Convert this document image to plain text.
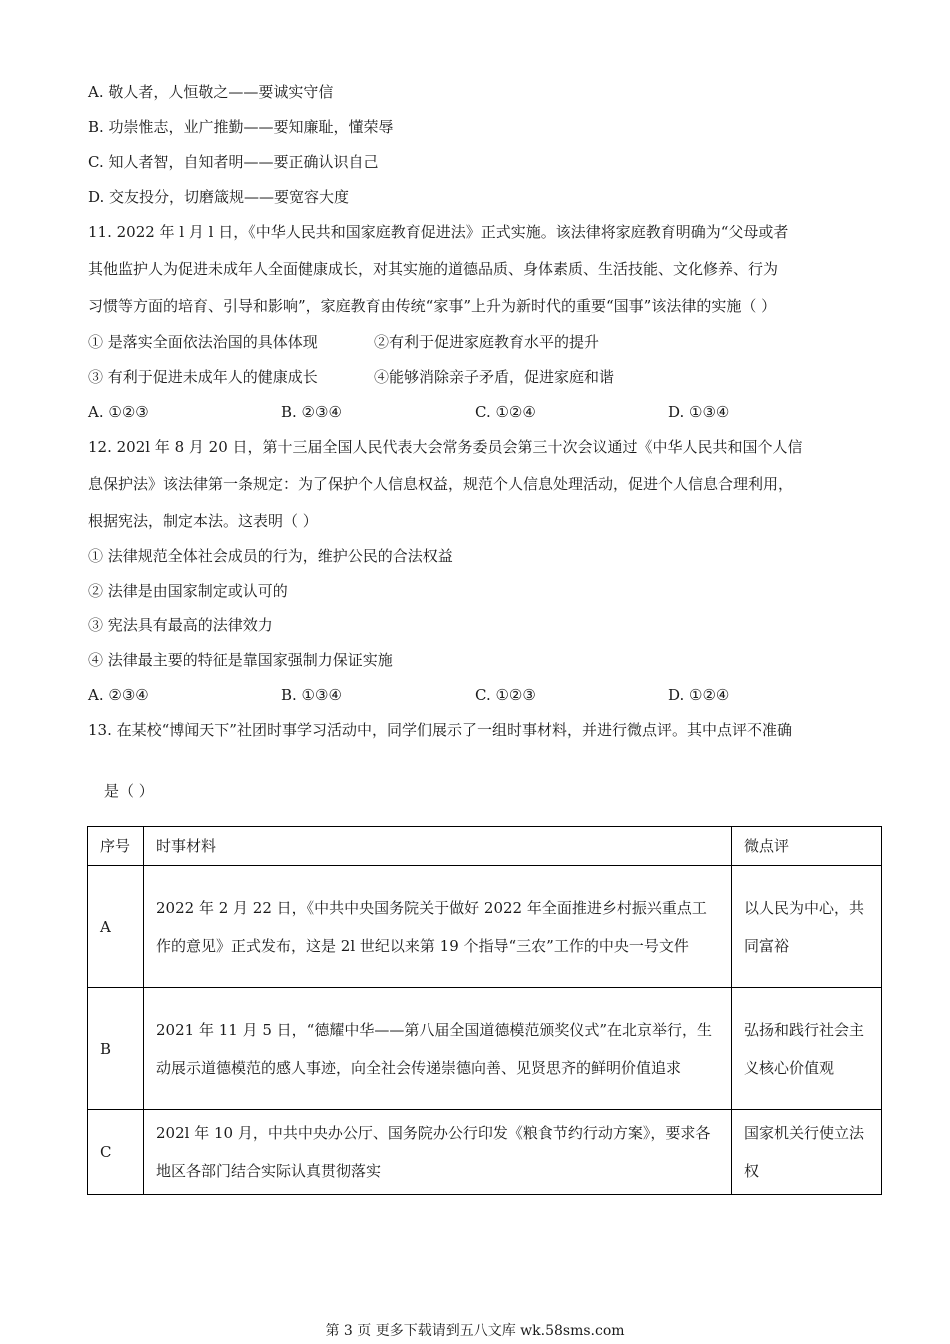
A. 敬人者，人恒敬之——要诚实守信
B. 功崇惟志，业广推勤——要知廉耻，懂荣辱
C. 知人者智，自知者明——要正确认识自己
D. 交友投分，切磨箴规——要宽容大度
11. 2022 年 l 月 l 日，《中华人民共和国家庭教育促进法》正式实施。该法律将家庭教育明确为“父母或者
其他监护人为促进未成年人全面健康成长，对其实施的道德品质、身体素质、生活技能、文化修养、行为
习惯等方面的培育、引导和影响”，家庭教育由传统“家事”上升为新时代的重要“国事”该法律的实施（ ）
① 是落实全面依法治国的具体体现	②有利于促进家庭教育水平的提升
③ 有利于促进未成年人的健康成长	④能够消除亲子矛盾，促进家庭和谐
A. ①②③	B. ②③④	C. ①②④	D. ①③④
12. 202l 年 8 月 20 日，第十三届全国人民代表大会常务委员会第三十次会议通过《中华人民共和国个人信
息保护法》该法律第一条规定：为了保护个人信息权益，规范个人信息处理活动，促进个人信息合理利用，
根据宪法，制定本法。这表明（ ）
① 法律规范全体社会成员的行为，维护公民的合法权益
② 法律是由国家制定或认可的
③ 宪法具有最高的法律效力
④ 法律最主要的特征是靠国家强制力保证实施
A. ②③④	B. ①③④	C. ①②③	D. ①②④
13. 在某校“博闻天下”社团时事学习活动中，同学们展示了一组时事材料，并进行微点评。其中点评不准确
是（ ）
序号	时事材料	微点评
A	2022 年 2 月 22 日，《中共中央国务院关于做好 2022 年全面推进乡村振兴重点工作的意见》正式发布，这是 2l 世纪以来第 19 个指导“三农”工作的中央一号文件	以人民为中心，共同富裕
B	2021 年 11 月 5 日，“德耀中华——第八届全国道德模范颁奖仪式”在北京举行，生动展示道德模范的感人事迹，向全社会传递崇德向善、见贤思齐的鲜明价值追求	弘扬和践行社会主义核心价值观
C	202l 年 10 月，中共中央办公厅、国务院办公行印发《粮食节约行动方案》，要求各地区各部门结合实际认真贯彻落实	国家机关行使立法权
第 3 页 更多下载请到五八文库 wk.58sms.com
